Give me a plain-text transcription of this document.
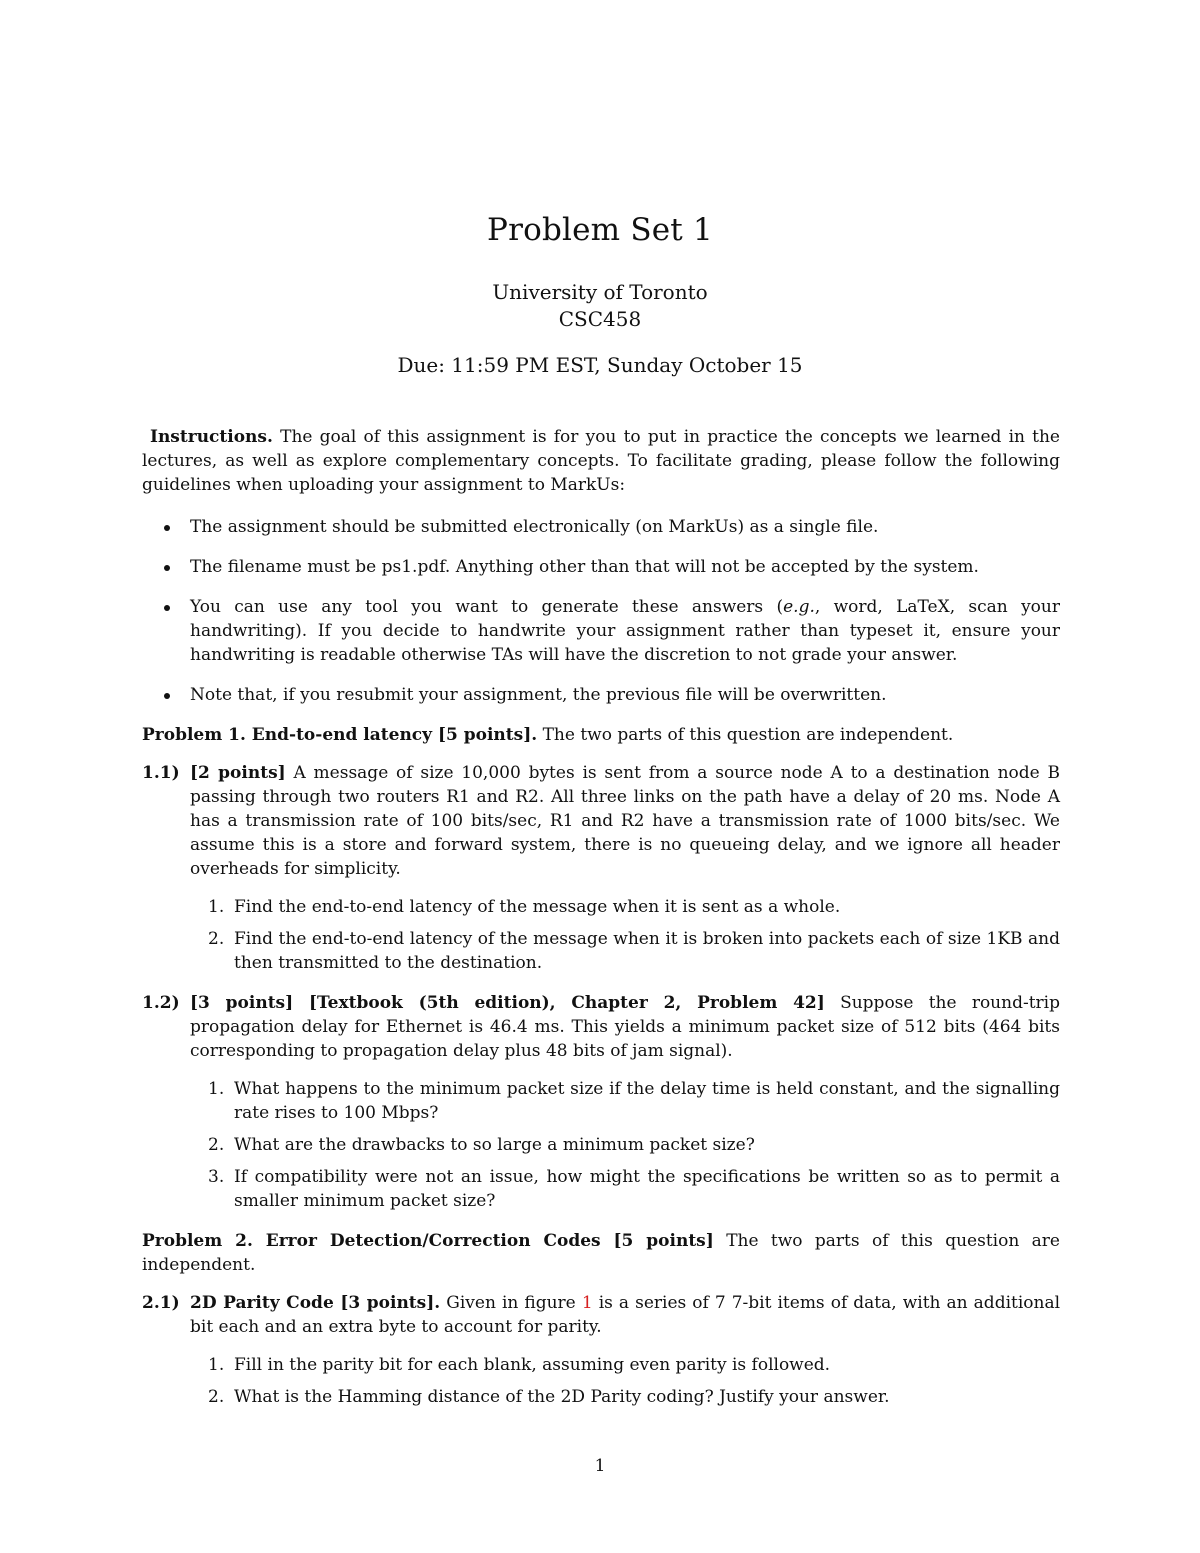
Problem Set 1
University of Toronto
CSC458
Due: 11:59 PM EST, Sunday October 15

Instructions. The goal of this assignment is for you to put in practice the concepts we learned in the lectures, as well as explore complementary concepts. To facilitate grading, please follow the following guidelines when uploading your assignment to MarkUs:

The assignment should be submitted electronically (on MarkUs) as a single file.
The filename must be ps1.pdf. Anything other than that will not be accepted by the system.
You can use any tool you want to generate these answers (e.g., word, LaTeX, scan your handwriting). If you decide to handwrite your assignment rather than typeset it, ensure your handwriting is readable otherwise TAs will have the discretion to not grade your answer.
Note that, if you resubmit your assignment, the previous file will be overwritten.

Problem 1. End-to-end latency [5 points]. The two parts of this question are independent.

1.1) [2 points] A message of size 10,000 bytes is sent from a source node A to a destination node B passing through two routers R1 and R2. All three links on the path have a delay of 20 ms. Node A has a transmission rate of 100 bits/sec, R1 and R2 have a transmission rate of 1000 bits/sec. We assume this is a store and forward system, there is no queueing delay, and we ignore all header overheads for simplicity.
1. Find the end-to-end latency of the message when it is sent as a whole.
2. Find the end-to-end latency of the message when it is broken into packets each of size 1KB and then transmitted to the destination.
1.2) [3 points] [Textbook (5th edition), Chapter 2, Problem 42] Suppose the round-trip propagation delay for Ethernet is 46.4 ms. This yields a minimum packet size of 512 bits (464 bits corresponding to propagation delay plus 48 bits of jam signal).
1. What happens to the minimum packet size if the delay time is held constant, and the signalling rate rises to 100 Mbps?
2. What are the drawbacks to so large a minimum packet size?
3. If compatibility were not an issue, how might the specifications be written so as to permit a smaller minimum packet size?

Problem 2. Error Detection/Correction Codes [5 points] The two parts of this question are independent.

2.1) 2D Parity Code [3 points]. Given in figure 1 is a series of 7 7-bit items of data, with an additional bit each and an extra byte to account for parity.
1. Fill in the parity bit for each blank, assuming even parity is followed.
2. What is the Hamming distance of the 2D Parity coding? Justify your answer.
1
